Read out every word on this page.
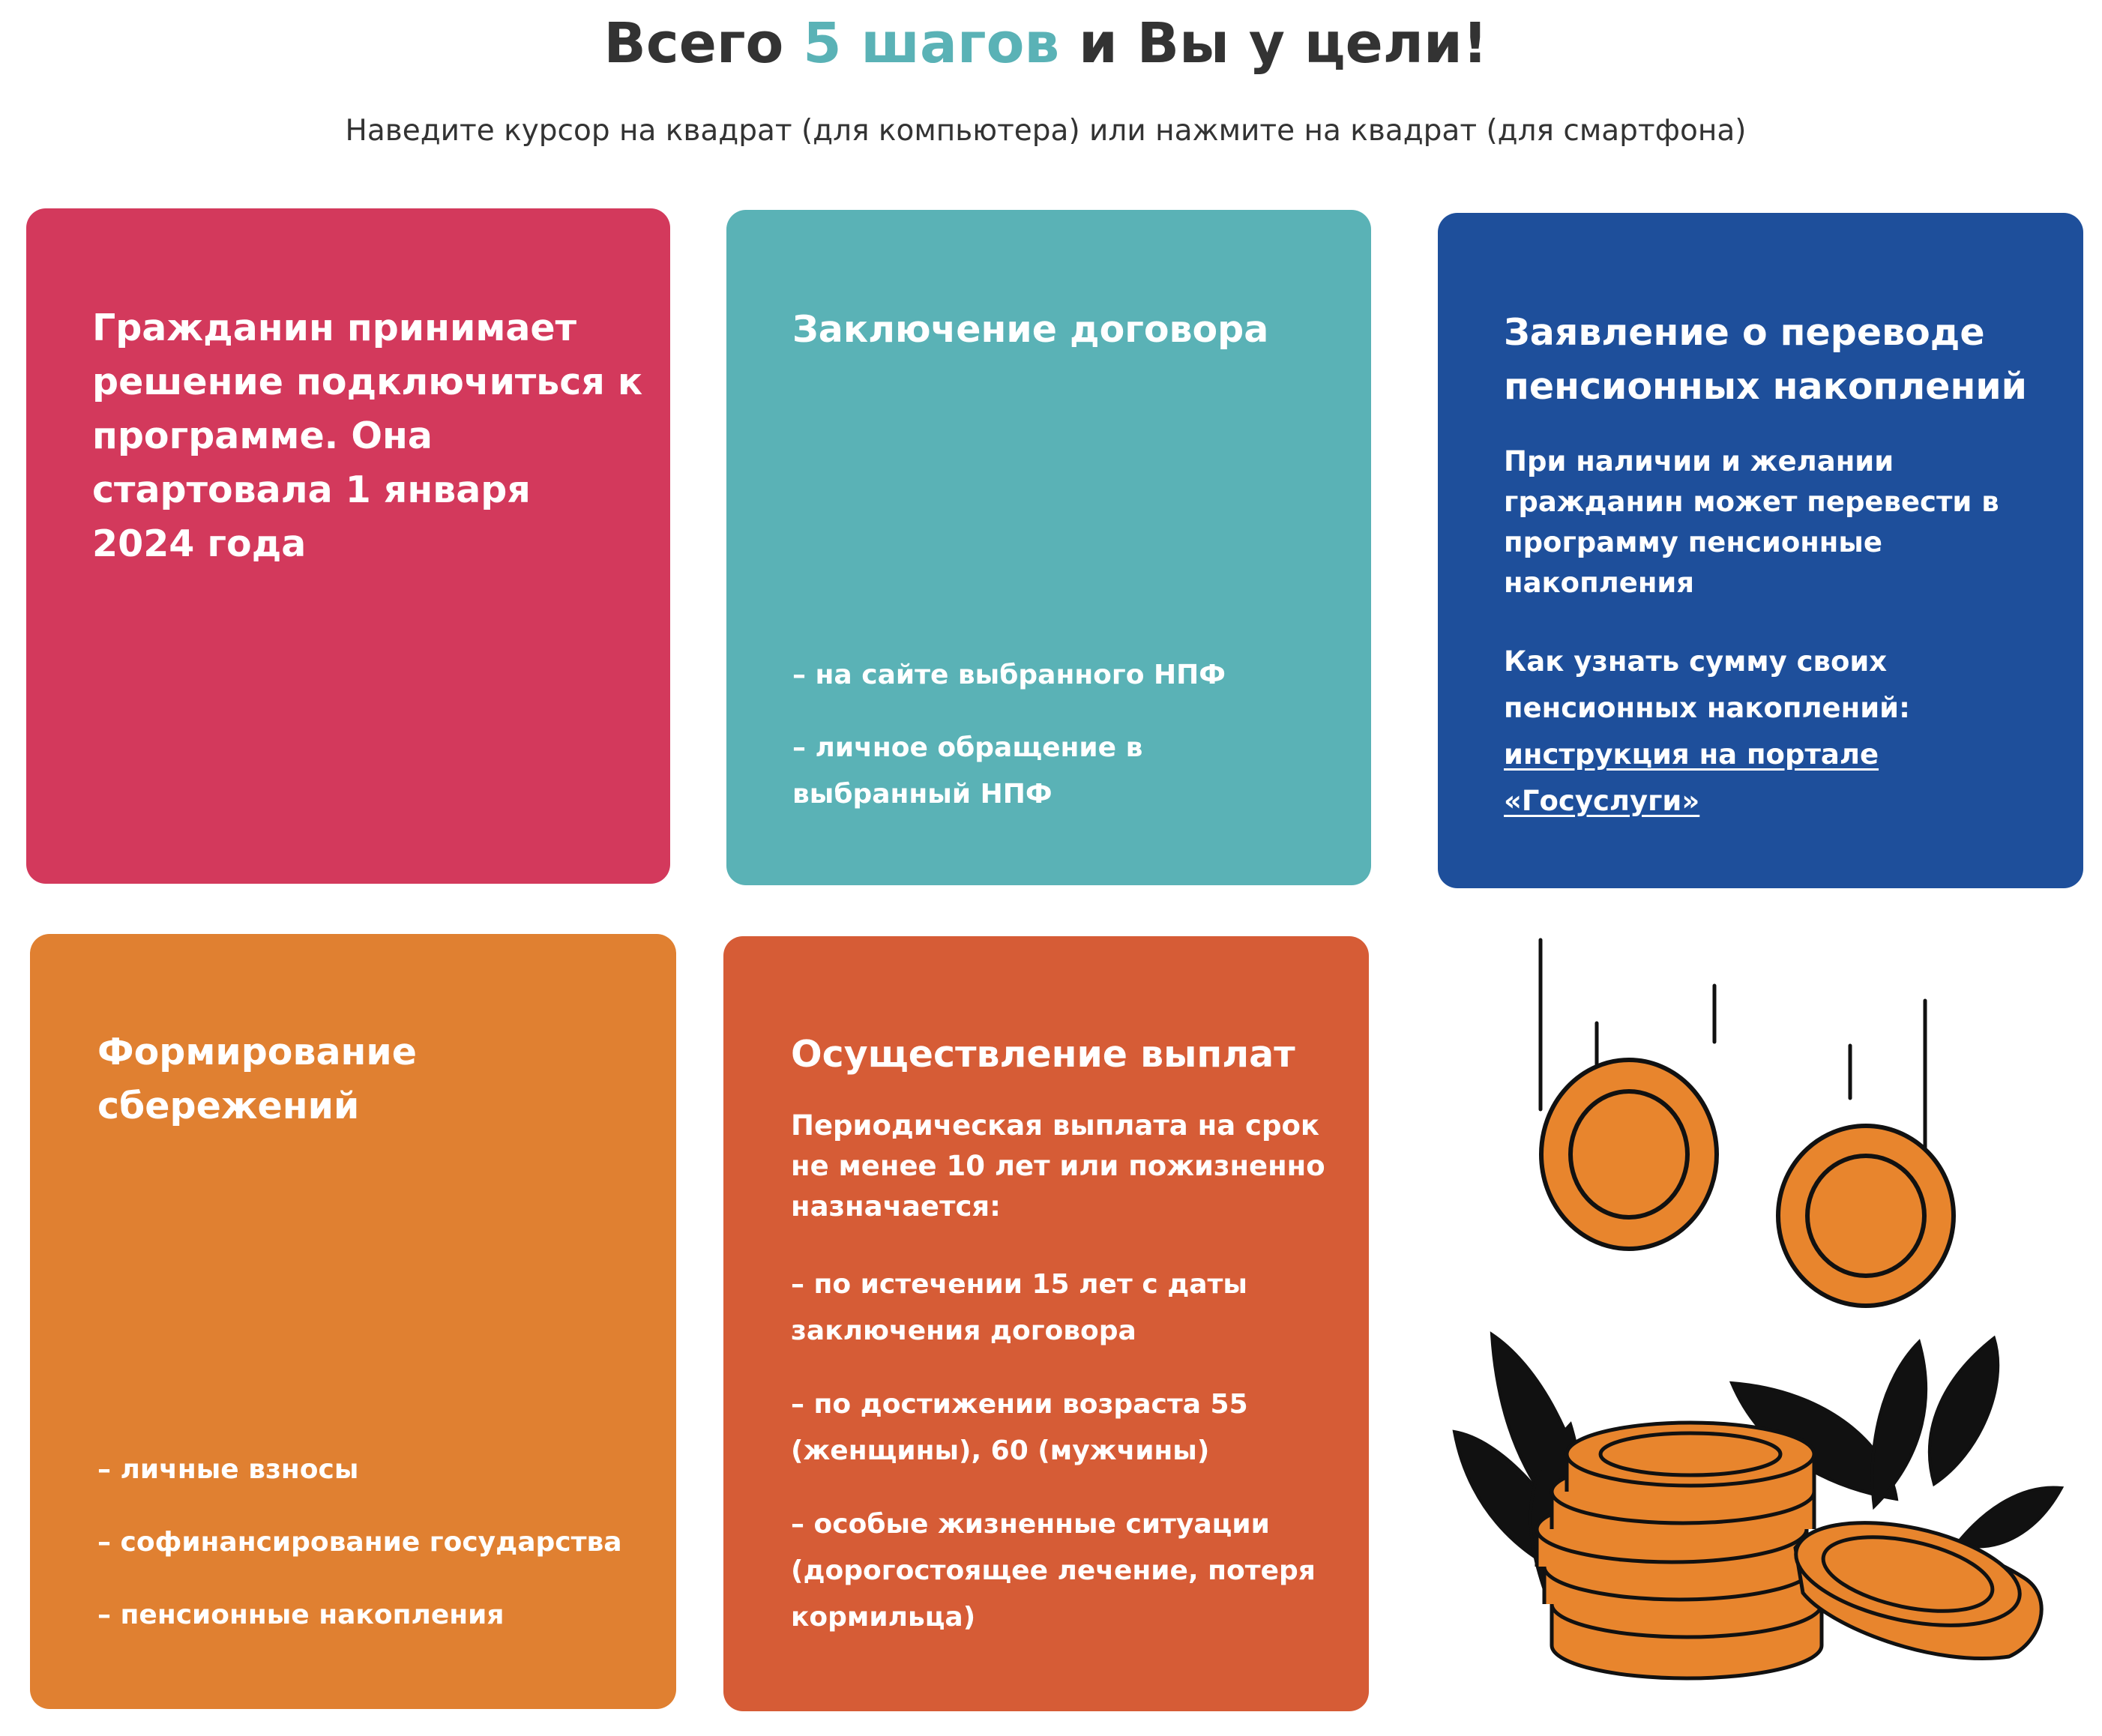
Всего 5 шагов и Вы у цели!
Наведите курсор на квадрат (для компьютера) или нажмите на квадрат (для смартфона)
Гражданин принимает
решение подключиться к
программе. Она
стартовала 1 января
2024 года
Заключение договора
– на сайте выбранного НПФ
– личное обращение в
выбранный НПФ
Заявление о переводе
пенсионных накоплений

При наличии и желании
гражданин может перевести в
программу пенсионные
накопления

Как узнать сумму своих
пенсионных накоплений:

инструкция на портале
«Госуслуги»

Формирование
сбережений
– личные взносы
– софинансирование государства
– пенсионные накопления
Осуществление выплат

Периодическая выплата на срок
не менее 10 лет или пожизненно
назначается:

– по истечении 15 лет с даты
заключения договора
– по достижении возраста 55
(женщины), 60 (мужчины)
– особые жизненные ситуации
(дорогостоящее лечение, потеря
кормильца)
